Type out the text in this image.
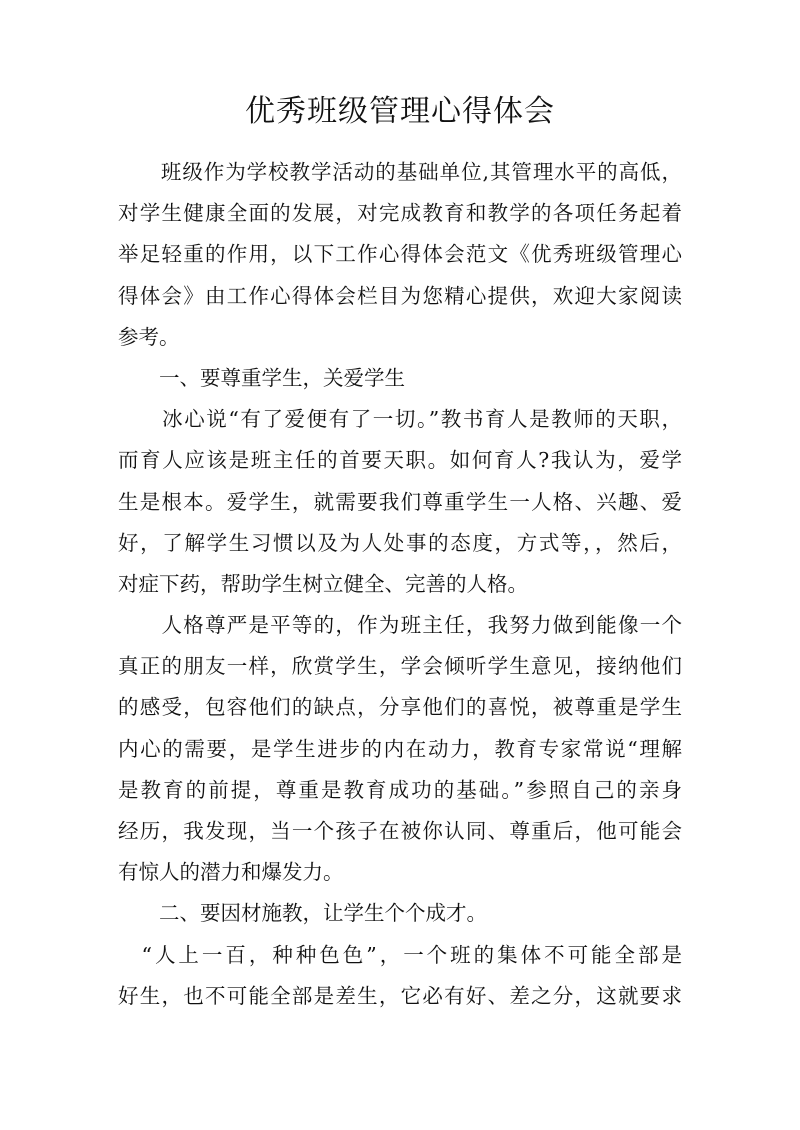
优秀班级管理心得体会
　　班级作为学校教学活动的基础单位,其管理水平的高低，
对学生健康全面的发展，对完成教育和教学的各项任务起着
举足轻重的作用，以下工作心得体会范文《优秀班级管理心
得体会》由工作心得体会栏目为您精心提供，欢迎大家阅读
参考。
　　一、要尊重学生，关爱学生
　　冰心说“有了爱便有了一切。”教书育人是教师的天职，
而育人应该是班主任的首要天职。如何育人?我认为，爱学
生是根本。爱学生，就需要我们尊重学生一人格、兴趣、爱
好，了解学生习惯以及为人处事的态度，方式等，，然后，
对症下药，帮助学生树立健全、完善的人格。
　　人格尊严是平等的，作为班主任，我努力做到能像一个
真正的朋友一样，欣赏学生，学会倾听学生意见，接纳他们
的感受，包容他们的缺点，分享他们的喜悦，被尊重是学生
内心的需要，是学生进步的内在动力，教育专家常说“理解
是教育的前提，尊重是教育成功的基础。”参照自己的亲身
经历，我发现，当一个孩子在被你认同、尊重后，他可能会
有惊人的潜力和爆发力。
　　二、要因材施教，让学生个个成才。
　“人上一百，种种色色”，一个班的集体不可能全部是
好生，也不可能全部是差生，它必有好、差之分，这就要求
